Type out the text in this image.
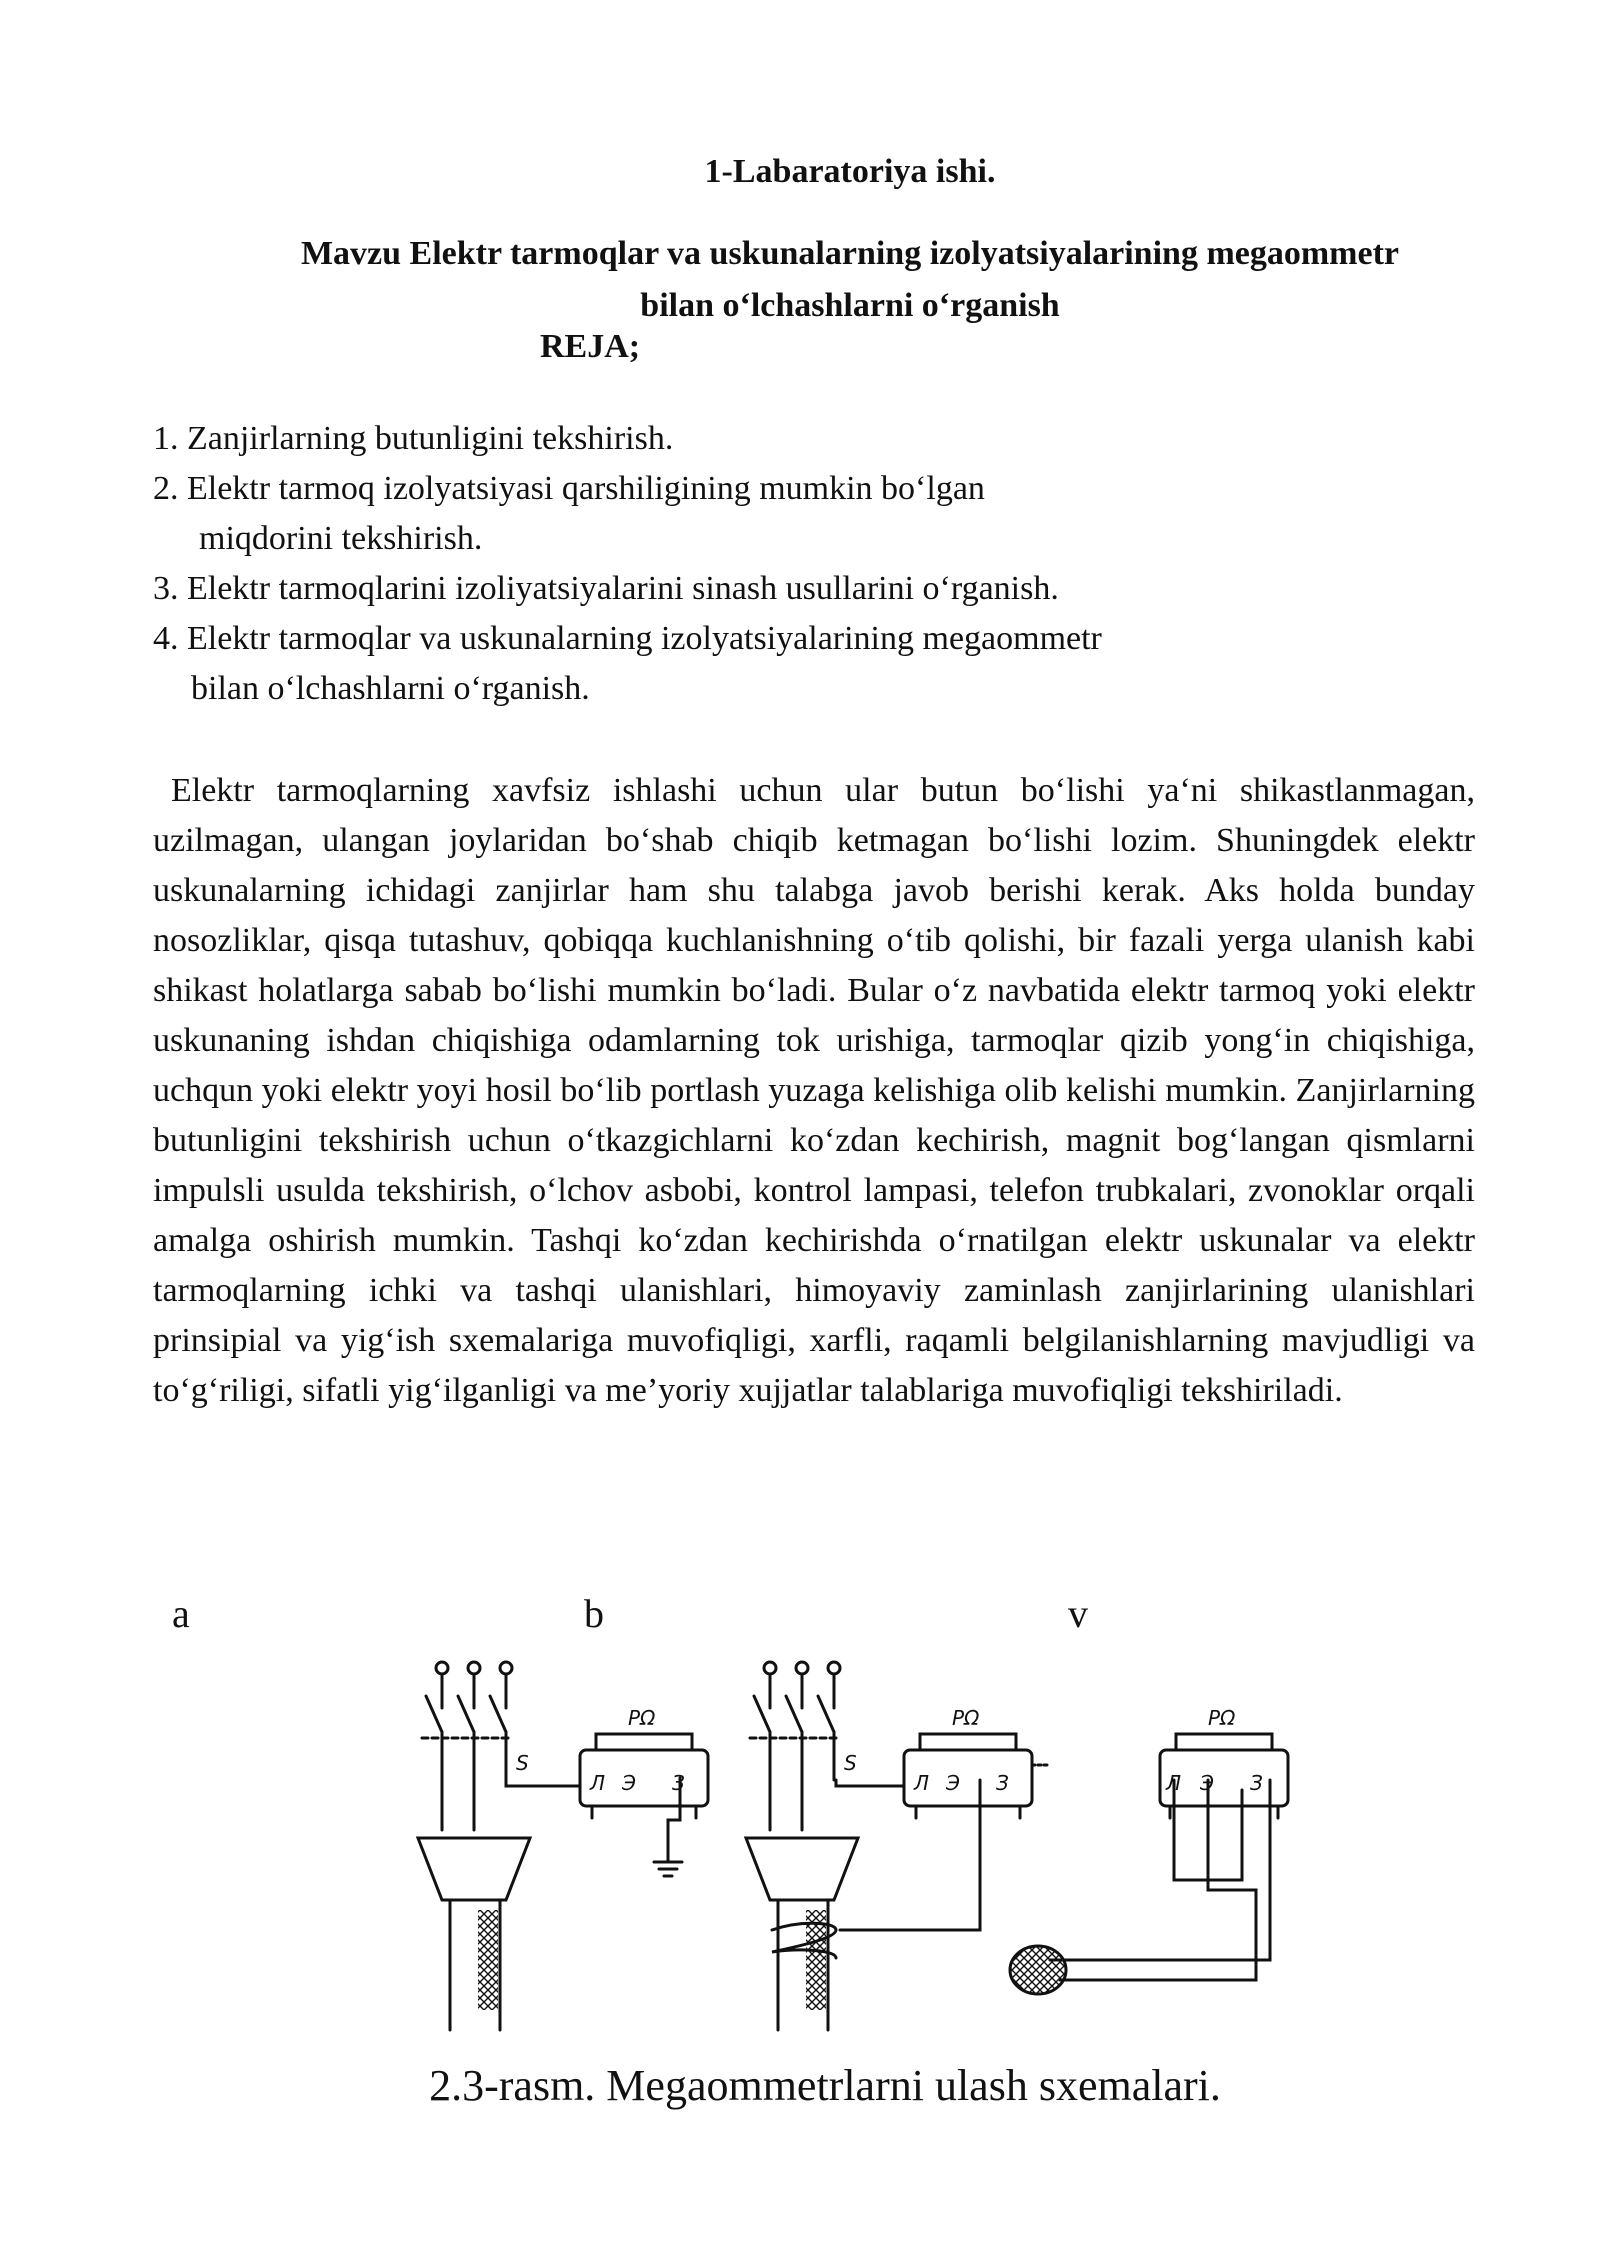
1-Labaratoriya ishi.
Mavzu Elektr tarmoqlar va uskunalarning izolyatsiyalarining megaommetr
bilan o‘lchashlarni o‘rganish
REJA;
1. Zanjirlarning butunligini tekshirish.
2. Elektr tarmoq izolyatsiyasi qarshiligining mumkin bo‘lgan
miqdorini tekshirish.
3. Elektr tarmoqlarini izoliyatsiyalarini sinash usullarini o‘rganish.
4. Elektr tarmoqlar va uskunalarning izolyatsiyalarining megaommetr
bilan o‘lchashlarni o‘rganish.

Elektr tarmoqlarning xavfsiz ishlashi uchun ular butun bo‘lishi ya‘ni shikastlanmagan, uzilmagan, ulangan joylaridan bo‘shab chiqib ketmagan bo‘lishi lozim. Shuningdek elektr uskunalarning ichidagi zanjirlar ham shu talabga javob berishi kerak. Aks holda bunday nosozliklar, qisqa tutashuv, qobiqqa kuchlanishning o‘tib qolishi, bir fazali yerga ulanish kabi shikast holatlarga sabab bo‘lishi mumkin bo‘ladi. Bular o‘z navbatida elektr tarmoq yoki elektr uskunaning ishdan chiqishiga odamlarning tok urishiga, tarmoqlar qizib yong‘in chiqishiga, uchqun yoki elektr yoyi hosil bo‘lib portlash yuzaga kelishiga olib kelishi mumkin. Zanjirlarning butunligini tekshirish uchun o‘tkazgichlarni ko‘zdan kechirish, magnit bog‘langan qismlarni impulsli usulda tekshirish, o‘lchov asbobi, kontrol lampasi, telefon trubkalari, zvonoklar orqali amalga oshirish mumkin. Tashqi ko‘zdan kechirishda o‘rnatilgan elektr uskunalar va elektr tarmoqlarning ichki va tashqi ulanishlari, himoyaviy zaminlash zanjirlarining ulanishlari prinsipial va yig‘ish sxemalariga muvofiqligi, xarfli, raqamli belgilanishlarning mavjudligi va to‘g‘riligi, sifatli yig‘ilganligi va me’yoriy xujjatlar talablariga muvofiqligi tekshiriladi.

a	b	v
PΩ
S
Л Э З
PΩ
S
Л Э З
PΩ
Л Э З
2.3-rasm. Megaommetrlarni ulash sxemalari.
